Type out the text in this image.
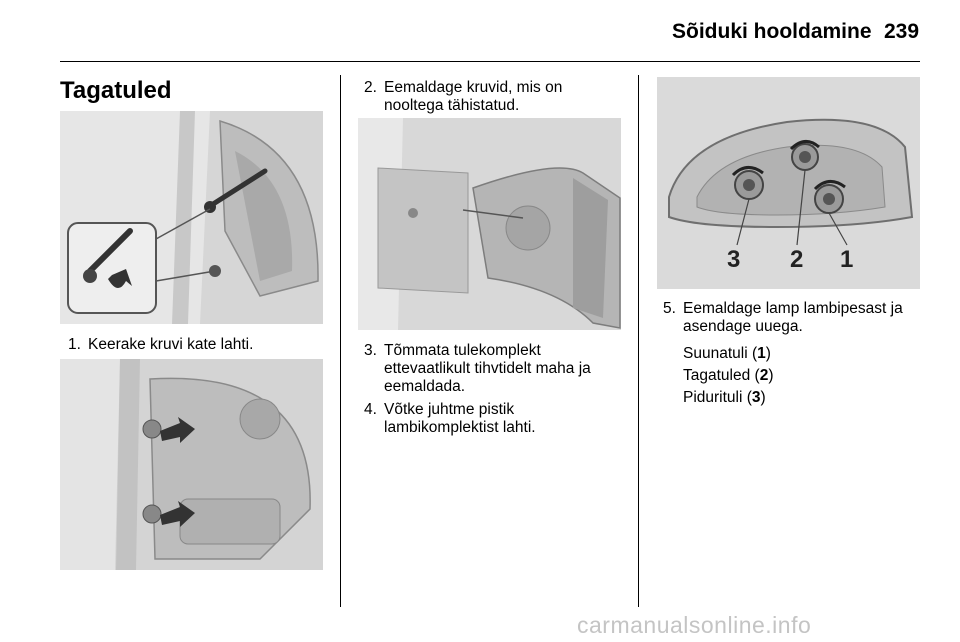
Sõiduki hooldamine 239
Tagatuled
1. Keerake kruvi kate lahti.
2. Eemaldage kruvid, mis on
nooltega tähistatud.
3. Tõmmata tulekomplekt
ettevaatlikult tihvtidelt maha ja
eemaldada.
4. Võtke juhtme pistik
lambikomplektist lahti.
3 2 1
5. Eemaldage lamp lambipesast ja
asendage uuega.
Suunatuli (1)
Tagatuled (2)
Pidurituli (3)
carmanualsonline.info
